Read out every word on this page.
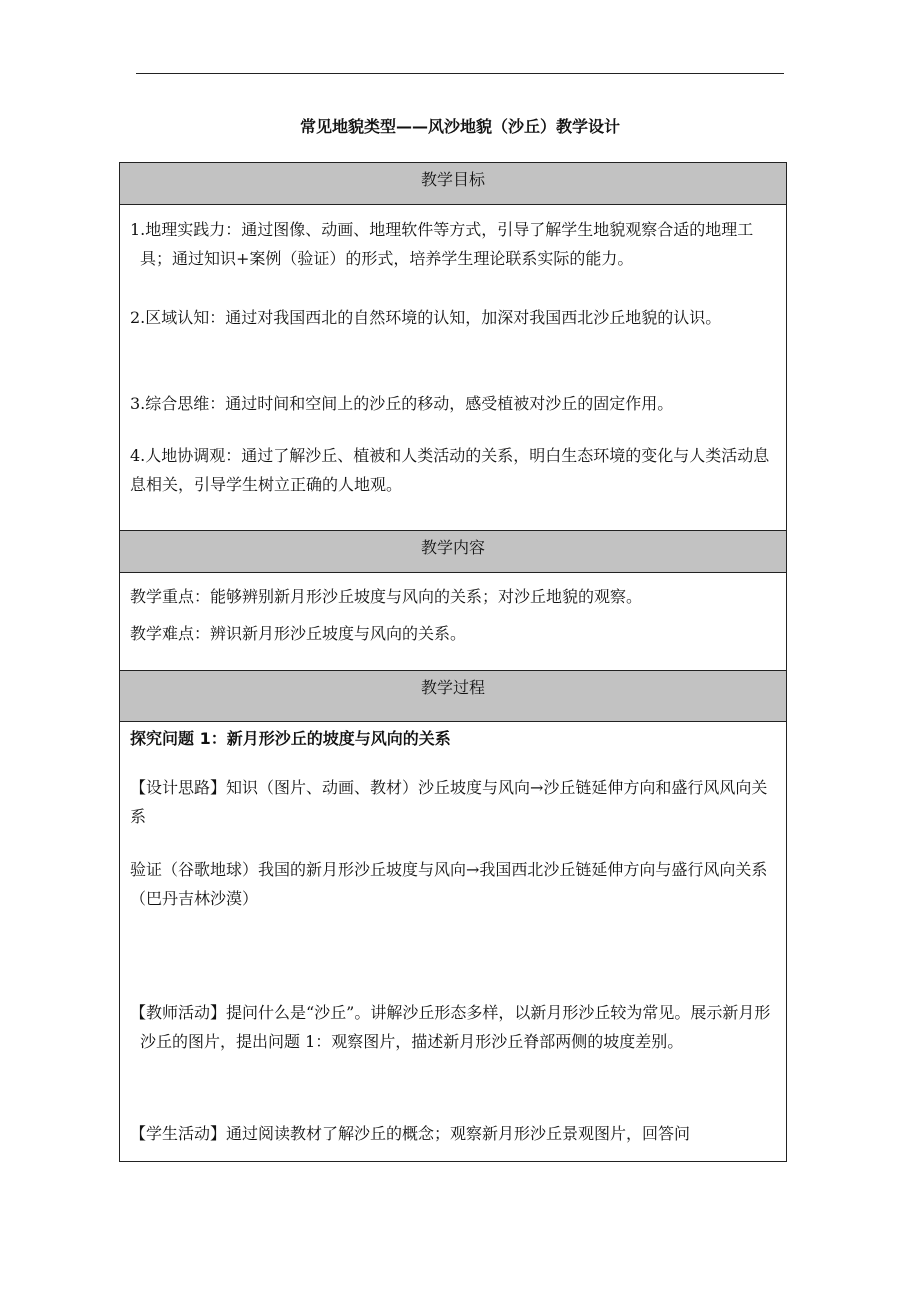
常见地貌类型——风沙地貌（沙丘）教学设计
教学目标

1.地理实践力：通过图像、动画、地理软件等方式，引导了解学生地貌观察合适的地理工具；通过知识+案例（验证）的形式，培养学生理论联系实际的能力。

2.区域认知：通过对我国西北的自然环境的认知，加深对我国西北沙丘地貌的认识。

3.综合思维：通过时间和空间上的沙丘的移动，感受植被对沙丘的固定作用。

4.人地协调观：通过了解沙丘、植被和人类活动的关系，明白生态环境的变化与人类活动息息相关，引导学生树立正确的人地观。

教学内容

教学重点：能够辨别新月形沙丘坡度与风向的关系；对沙丘地貌的观察。

教学难点：辨识新月形沙丘坡度与风向的关系。

教学过程

探究问题 1：新月形沙丘的坡度与风向的关系

【设计思路】知识（图片、动画、教材）沙丘坡度与风向→沙丘链延伸方向和盛行风风向关系

验证（谷歌地球）我国的新月形沙丘坡度与风向→我国西北沙丘链延伸方向与盛行风向关系（巴丹吉林沙漠）

【教师活动】提问什么是“沙丘”。讲解沙丘形态多样，以新月形沙丘较为常见。展示新月形沙丘的图片，提出问题 1：观察图片，描述新月形沙丘脊部两侧的坡度差别。

【学生活动】通过阅读教材了解沙丘的概念；观察新月形沙丘景观图片，回答问
